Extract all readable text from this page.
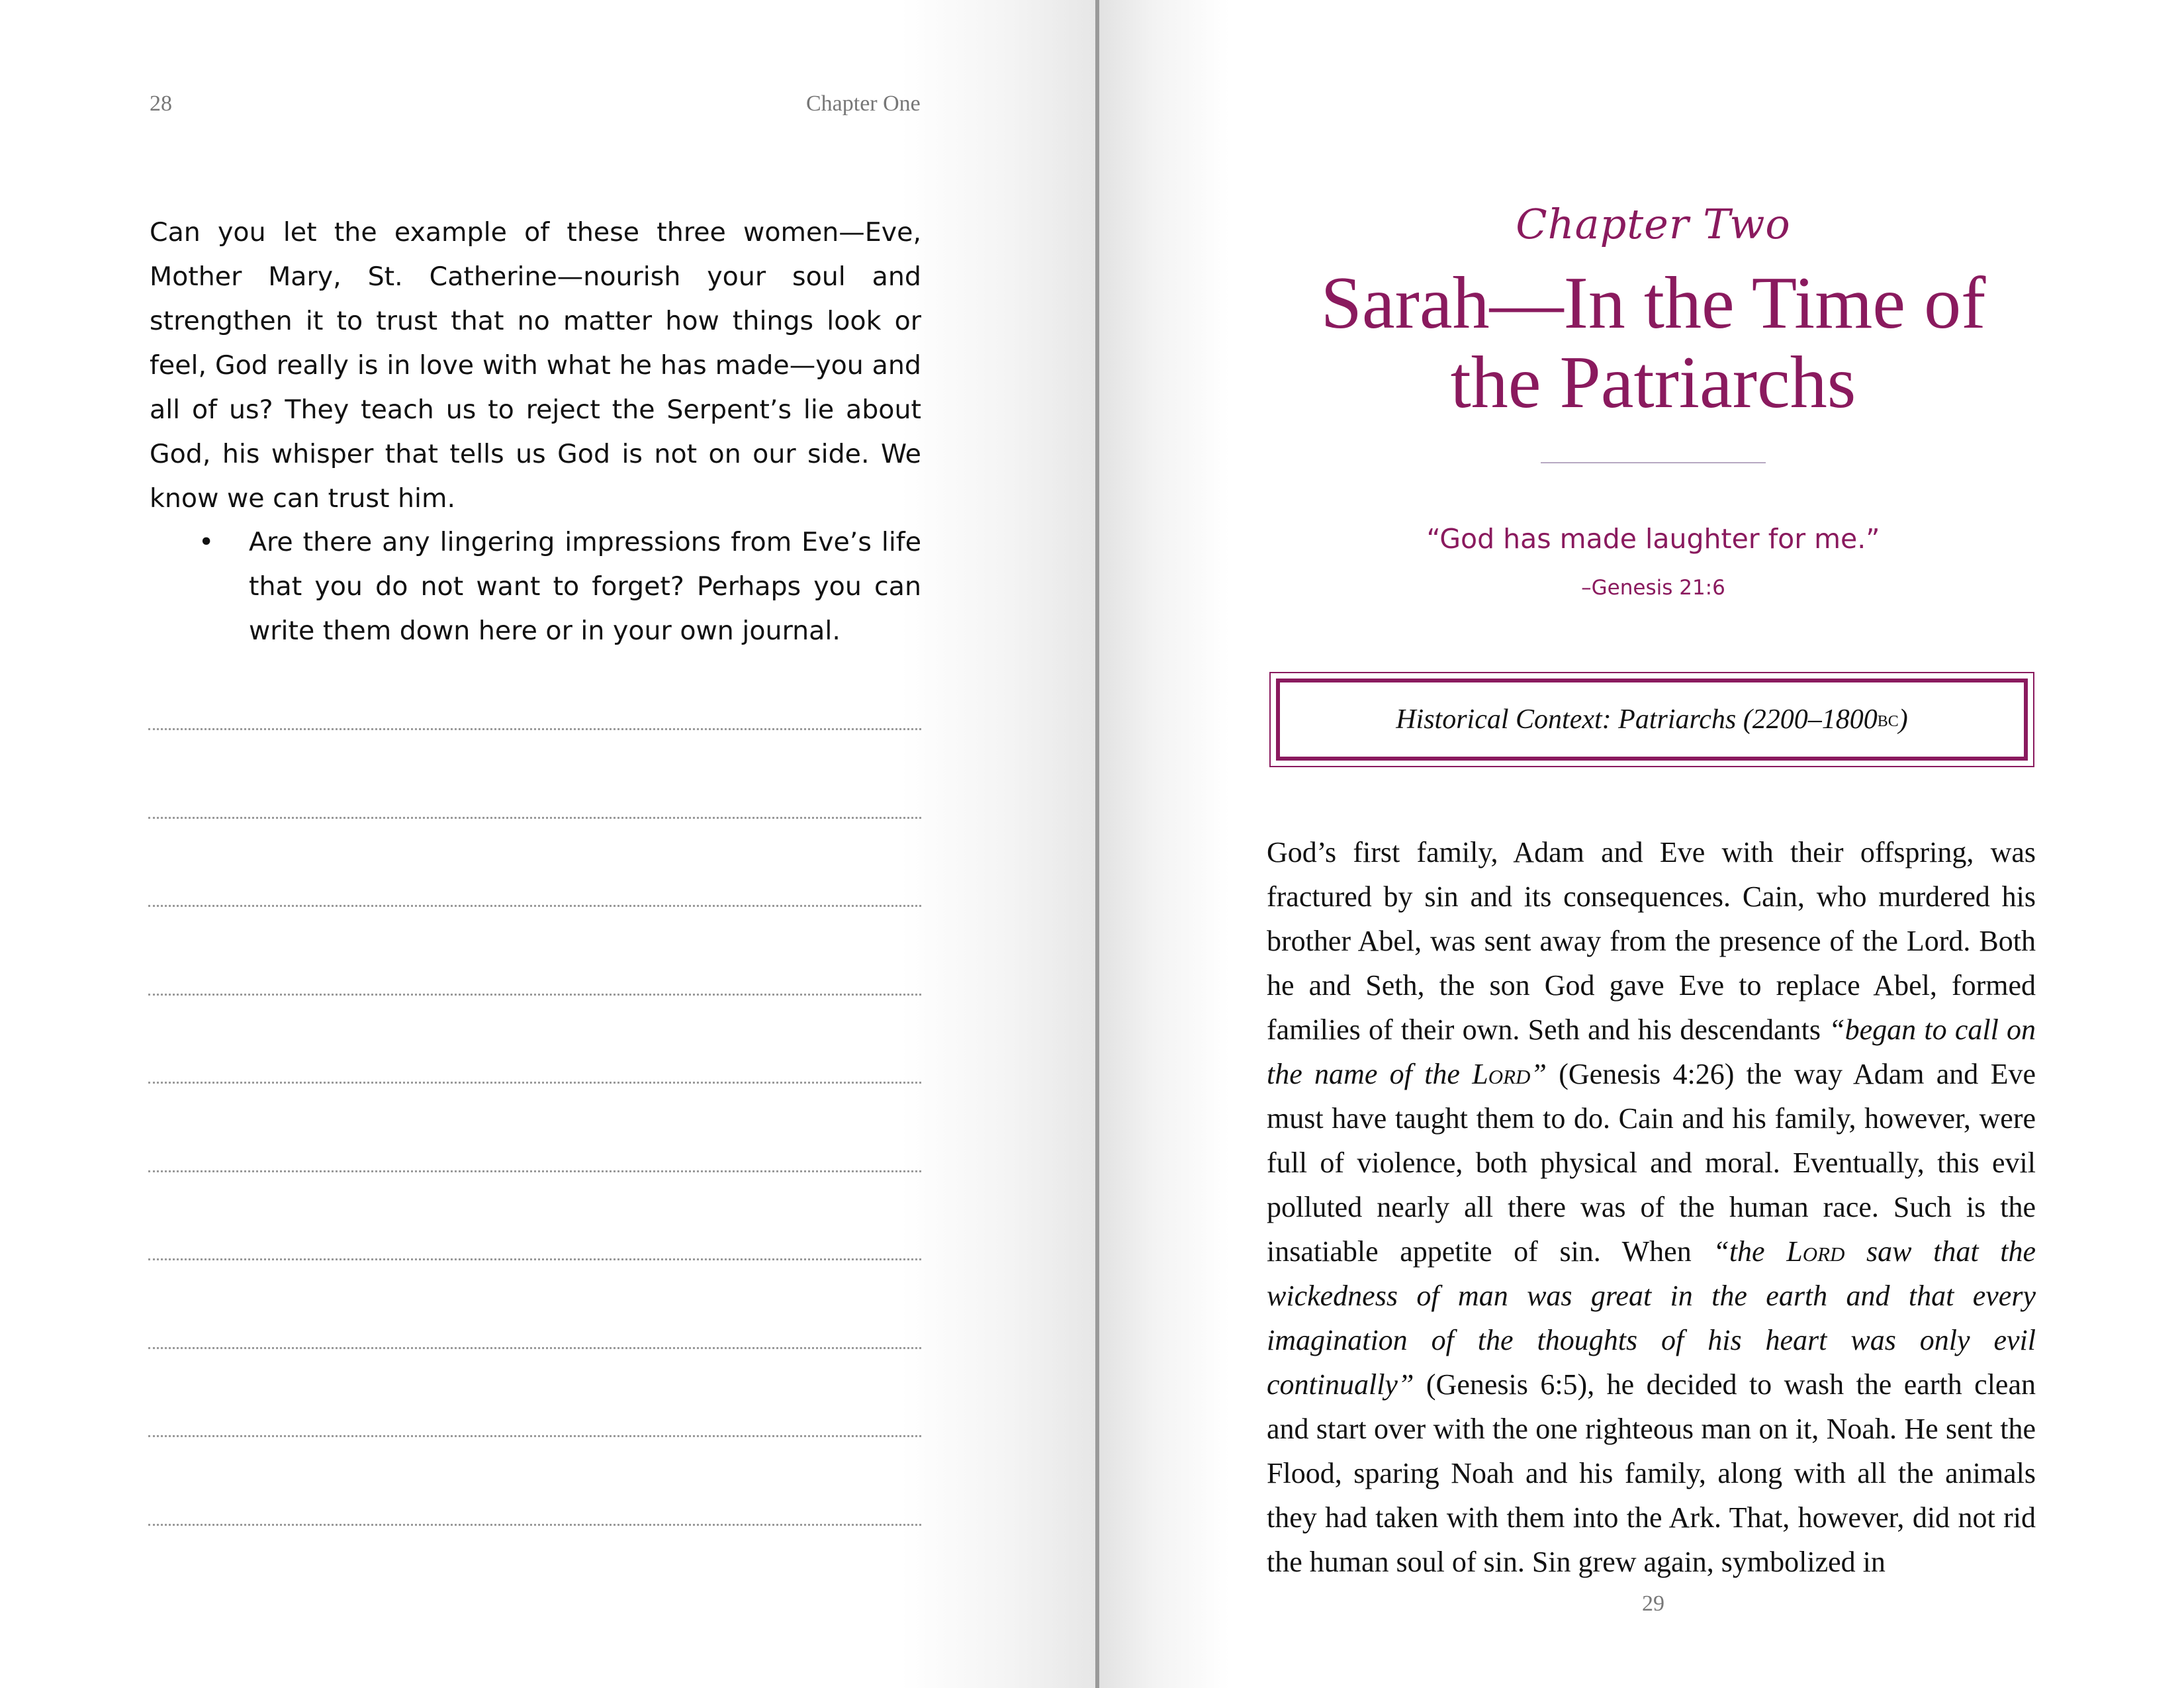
28	Chapter One

Can you let the example of these three women—Eve, Mother Mary, St. Catherine—nourish your soul and strengthen it to trust that no matter how things look or feel, God really is in love with what he has made—you and all of us? They teach us to reject the Serpent’s lie about God, his whisper that tells us God is not on our side. We know we can trust him.

• Are there any lingering impressions from Eve’s life that you do not want to forget? Perhaps you can write them down here or in your own journal.

Chapter Two
Sarah—In the Time of
the Patriarchs
“God has made laughter for me.”
–Genesis 21:6
Historical Context: Patriarchs (2200–1800 bc )

God’s first family, Adam and Eve with their offspring, was fractured by sin and its consequences. Cain, who murdered his brother Abel, was sent away from the presence of the Lord. Both he and Seth, the son God gave Eve to replace Abel, formed families of their own. Seth and his descendants “began to call on the name of the Lord” (Genesis 4:26) the way Adam and Eve must have taught them to do. Cain and his family, however, were full of violence, both physical and moral. Eventually, this evil polluted nearly all there was of the human race. Such is the insatiable appetite of sin. When “the Lord saw that the wickedness of man was great in the earth and that every imagination of the thoughts of his heart was only evil continually” (Genesis 6:5), he decided to wash the earth clean and start over with the one righteous man on it, Noah. He sent the Flood, sparing Noah and his family, along with all the animals they had taken with them into the Ark. That, however, did not rid the human soul of sin. Sin grew again, symbolized in

29
